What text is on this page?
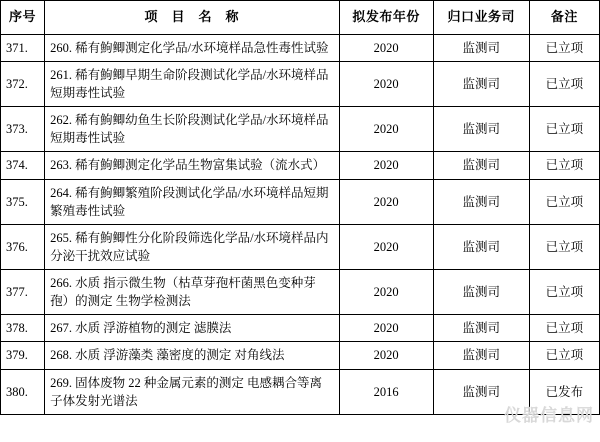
序号	项　目　名　称	拟发布年份	归口业务司	备注
371.	260. 稀有鮈鲫测定化学品/水环境样品急性毒性试验	2020	监测司	已立项
372.	261. 稀有鮈鲫早期生命阶段测试化学品/水环境样品短期毒性试验	2020	监测司	已立项
373.	262. 稀有鮈鲫幼鱼生长阶段测试化学品/水环境样品短期毒性试验	2020	监测司	已立项
374.	263. 稀有鮈鲫测定化学品生物富集试验（流水式）	2020	监测司	已立项
375.	264. 稀有鮈鲫繁殖阶段测试化学品/水环境样品短期繁殖毒性试验	2020	监测司	已立项
376.	265. 稀有鮈鲫性分化阶段筛选化学品/水环境样品内分泌干扰效应试验	2020	监测司	已立项
377.	266. 水质 指示微生物（枯草芽孢杆菌黑色变种芽孢）的测定 生物学检测法	2020	监测司	已立项
378.	267. 水质 浮游植物的测定 滤膜法	2020	监测司	已立项
379.	268. 水质 浮游藻类 藻密度的测定 对角线法	2020	监测司	已立项
380.	269. 固体废物 22 种金属元素的测定 电感耦合等离子体发射光谱法	2016	监测司	已发布
仪器信息网
